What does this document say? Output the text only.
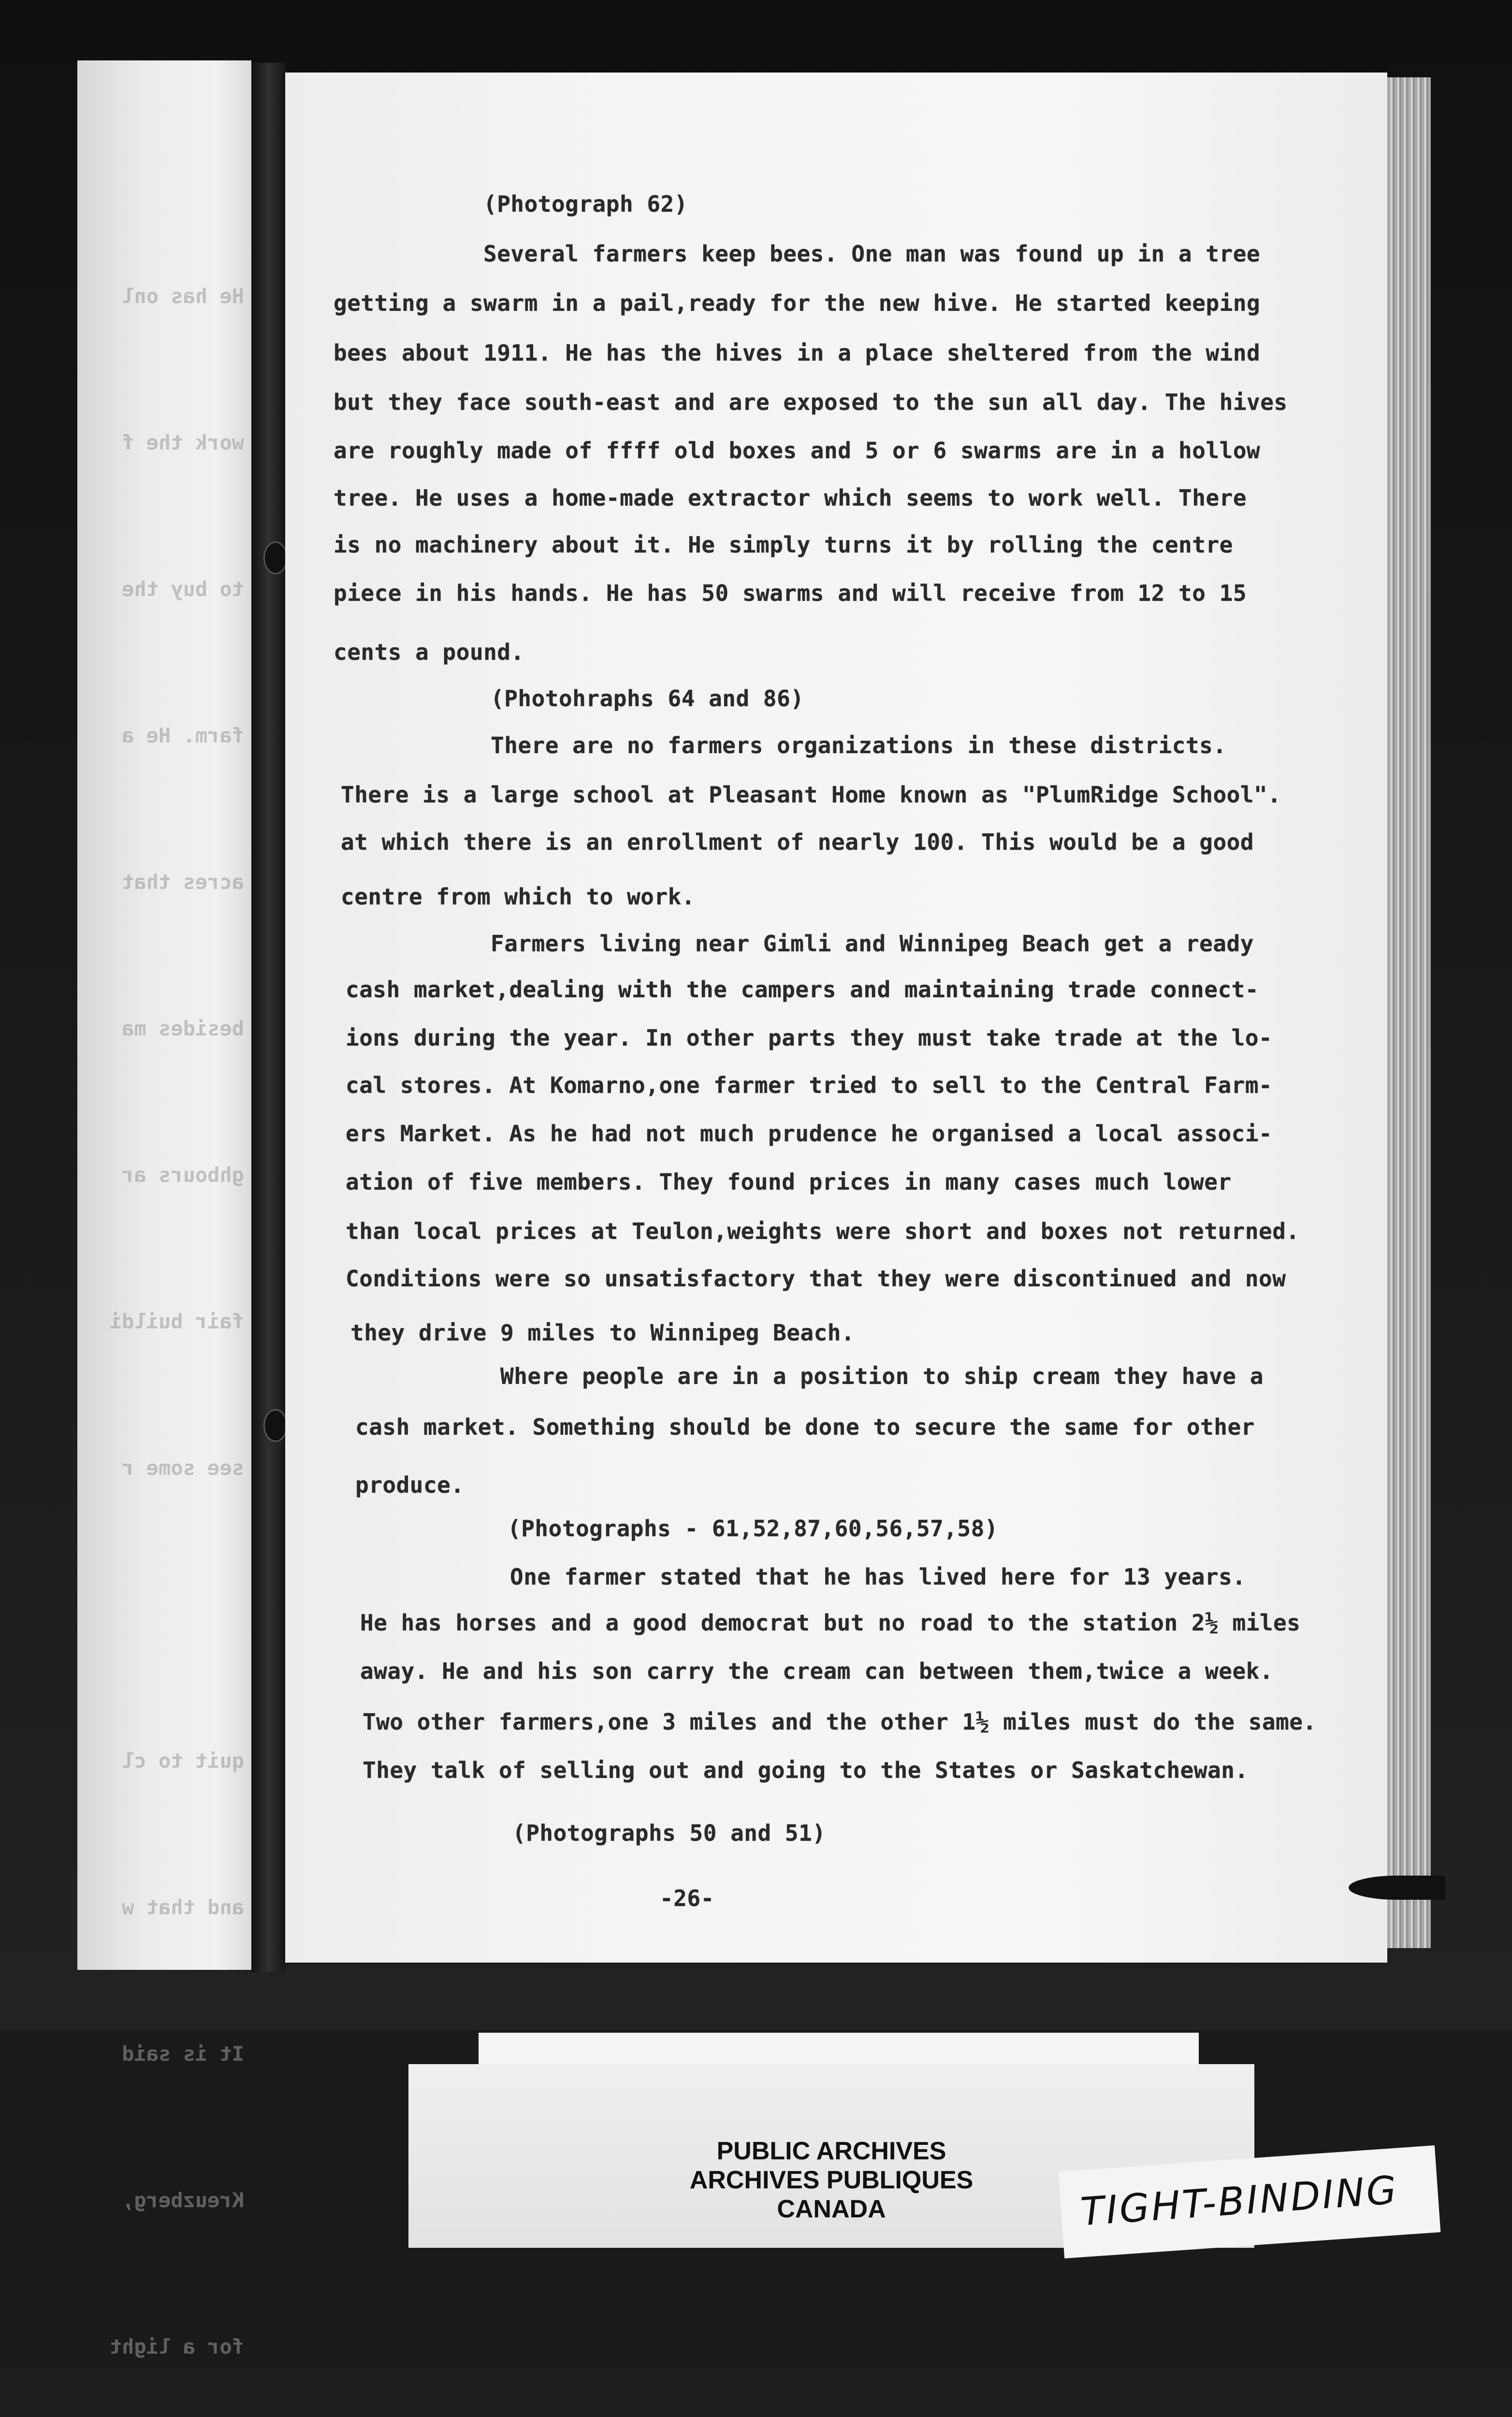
He has onl

work the f

to buy the

farm. He a

acres that

besides ma

ghbours ar

fair buildi

see some r

quit to cl

and that w

It is said

Kreuzberg,

for a light

(Photograph 62)
Several farmers keep bees. One man was found up in a tree
getting a swarm in a pail,ready for the new hive. He started keeping
bees about 1911. He has the hives in a place sheltered from the wind
but they face south-east and are exposed to the sun all day. The hives
are roughly made of ffff old boxes and 5 or 6 swarms are in a hollow
tree. He uses a home-made extractor which seems to work well. There
is no machinery about it. He simply turns it by rolling the centre
piece in his hands. He has 50 swarms and will receive from 12 to 15
cents a pound.
(Photohraphs 64 and 86)
There are no farmers organizations in these districts.
There is a large school at Pleasant Home known as "PlumRidge School".
at which there is an enrollment of nearly 100. This would be a good
centre from which to work.
Farmers living near Gimli and Winnipeg Beach get a ready
cash market,dealing with the campers and maintaining trade connect-
ions during the year. In other parts they must take trade at the lo-
cal stores. At Komarno,one farmer tried to sell to the Central Farm-
ers Market. As he had not much prudence he organised a local associ-
ation of five members. They found prices in many cases much lower
than local prices at Teulon,weights were short and boxes not returned.
Conditions were so unsatisfactory that they were discontinued and now
they drive 9 miles to Winnipeg Beach.
Where people are in a position to ship cream they have a
cash market. Something should be done to secure the same for other
produce.
(Photographs - 61,52,87,60,56,57,58)
One farmer stated that he has lived here for 13 years.
He has horses and a good democrat but no road to the station 2½ miles
away. He and his son carry the cream can between them,twice a week.
Two other farmers,one 3 miles and the other 1½ miles must do the same.
They talk of selling out and going to the States or Saskatchewan.
(Photographs 50 and 51)
-26-
PUBLIC ARCHIVES
ARCHIVES PUBLIQUES
CANADA	TIGHT-BINDING
